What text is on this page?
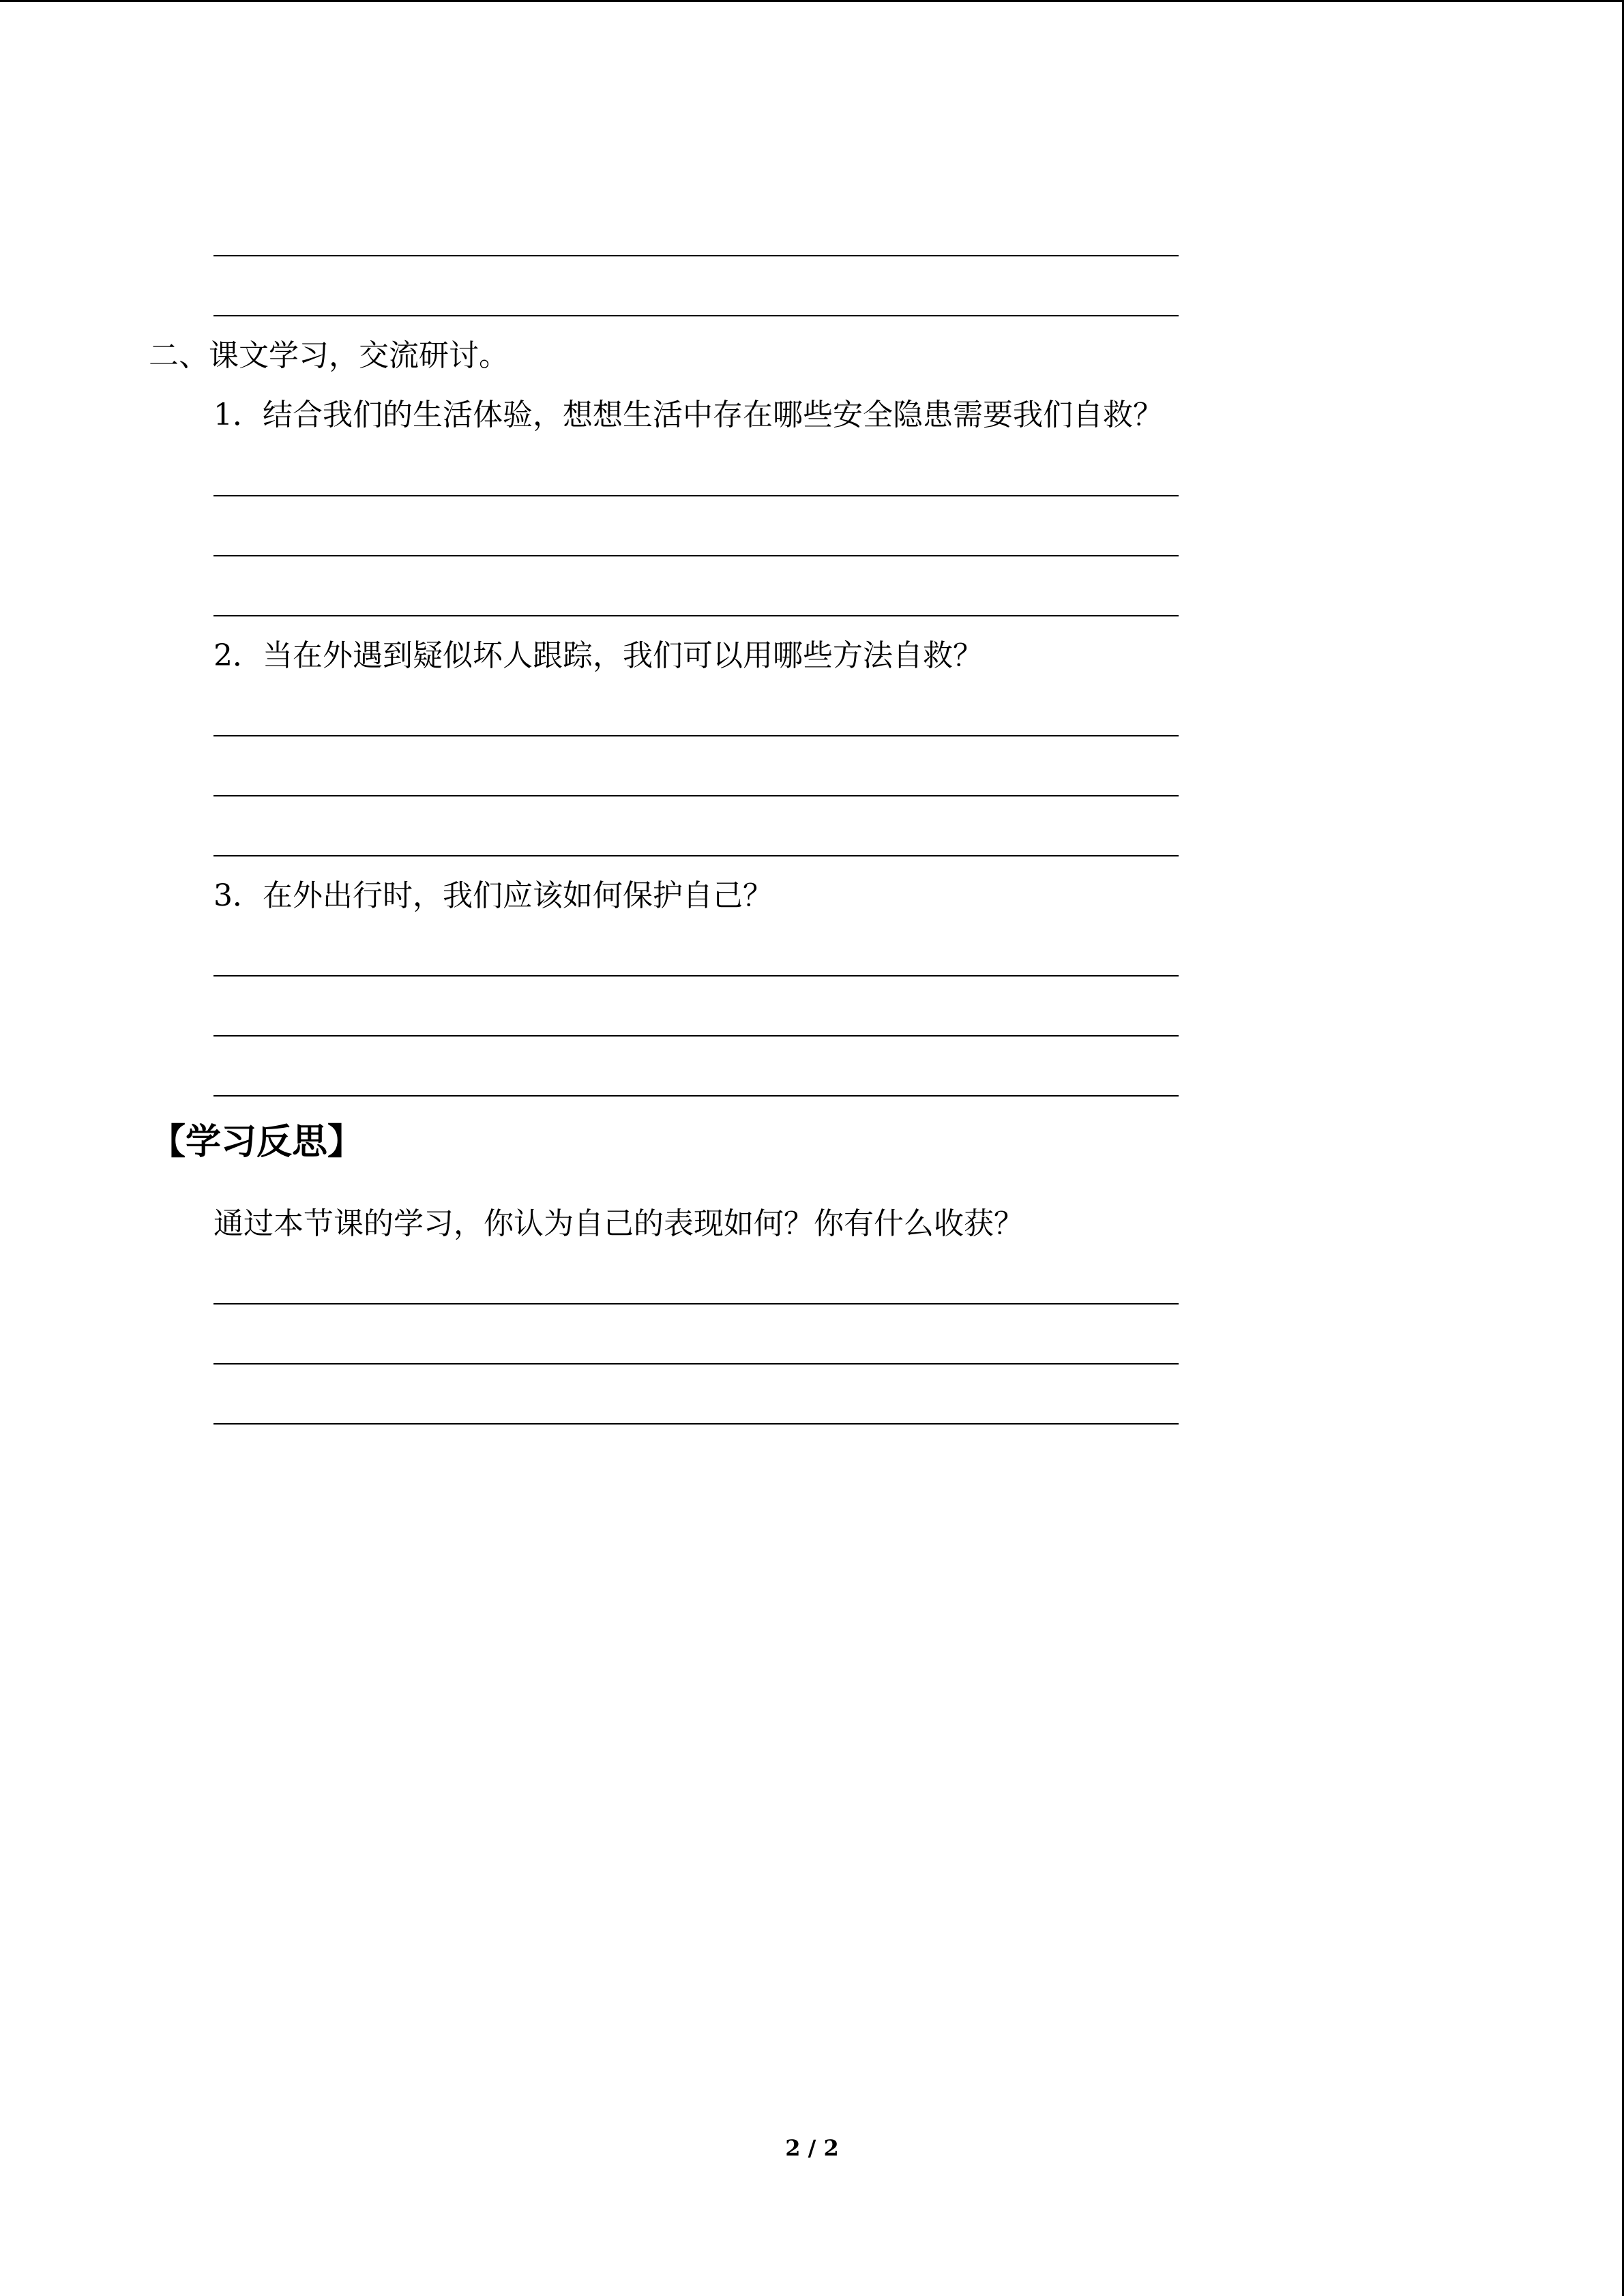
二、课文学习，交流研讨。
1．结合我们的生活体验，想想生活中存在哪些安全隐患需要我们自救？
2．当在外遇到疑似坏人跟踪，我们可以用哪些方法自救？
3．在外出行时，我们应该如何保护自己？
【学习反思】
通过本节课的学习，你认为自己的表现如何？你有什么收获？
2 / 2
